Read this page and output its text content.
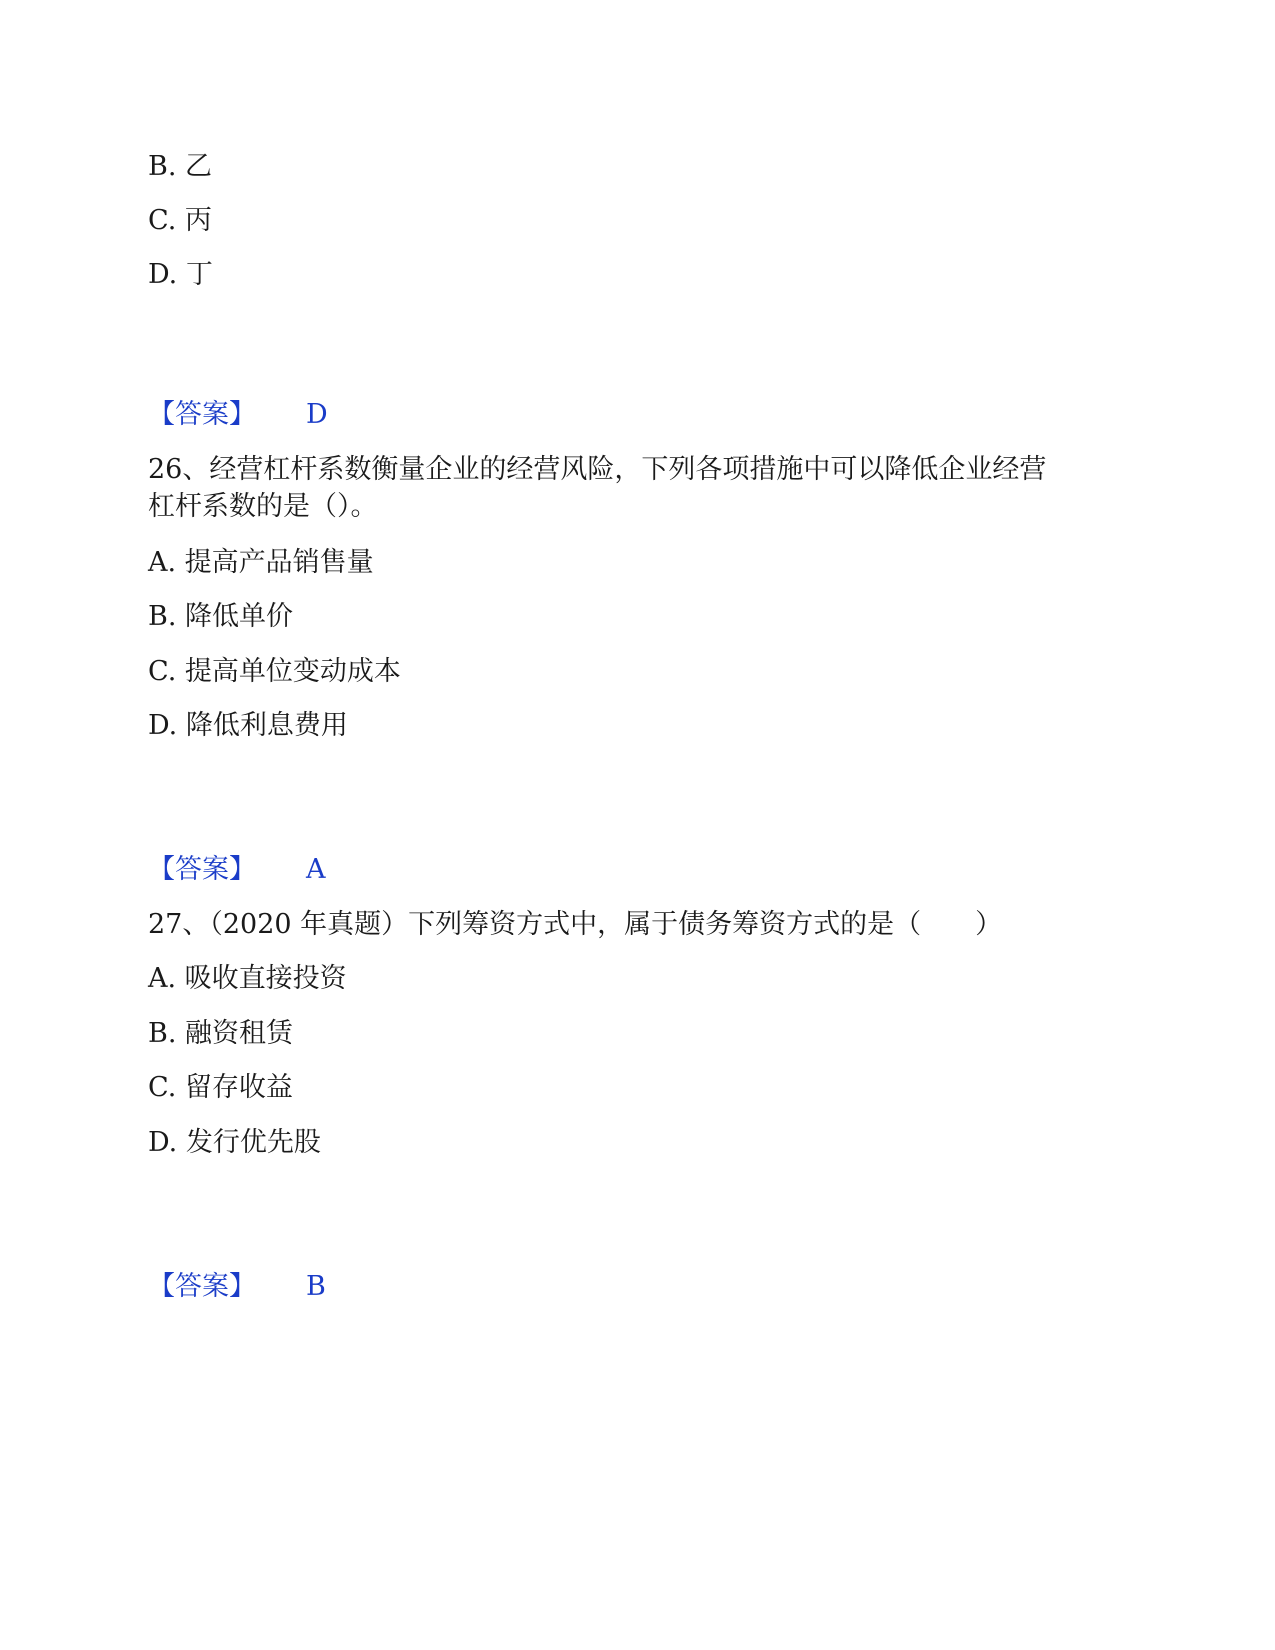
B. 乙
C. 丙
D. 丁
【答案】 D
26、经营杠杆系数衡量企业的经营风险，下列各项措施中可以降低企业经营
杠杆系数的是（）。
A. 提高产品销售量
B. 降低单价
C. 提高单位变动成本
D. 降低利息费用
【答案】 A
27、（2020 年真题）下列筹资方式中，属于债务筹资方式的是（　　）
A. 吸收直接投资
B. 融资租赁
C. 留存收益
D. 发行优先股
【答案】 B
